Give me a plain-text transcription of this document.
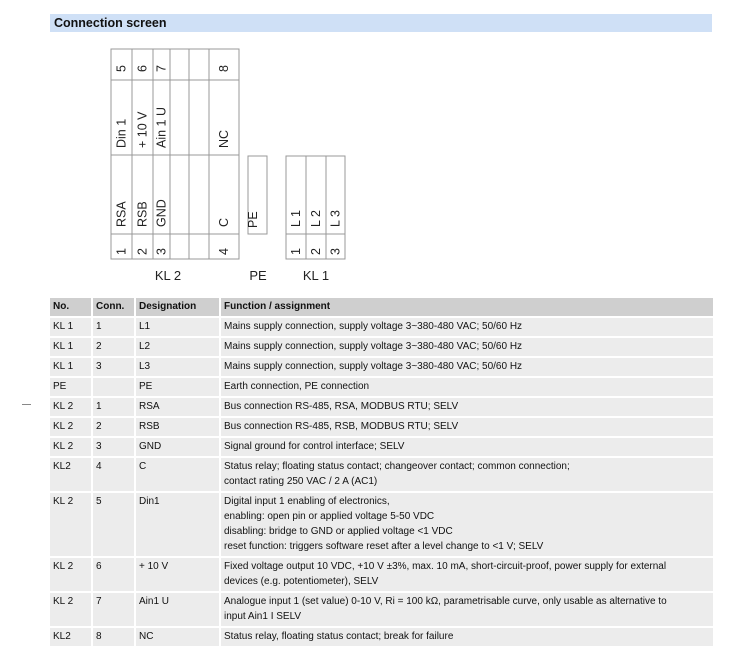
Connection screen
5
Din 1
RSA
1
6
+ 10 V
RSB
2
7
Ain 1 U
GND
3
8
NC
C
4
L 1
1
L 2
2
L 3
3
PE
KL 2	PE	KL 1
No.	Conn.	Designation	Function / assignment
KL 1	1	L1	Mains supply connection, supply voltage 3~380-480 VAC; 50/60 Hz

KL 1	2	L2	Mains supply connection, supply voltage 3~380-480 VAC; 50/60 Hz

KL 1	3	L3	Mains supply connection, supply voltage 3~380-480 VAC; 50/60 Hz

PE		PE	Earth connection, PE connection

KL 2	1	RSA	Bus connection RS-485, RSA, MODBUS RTU; SELV

KL 2	2	RSB	Bus connection RS-485, RSB, MODBUS RTU; SELV

KL 2	3	GND	Signal ground for control interface; SELV

KL2	4	C	Status relay; floating status contact; changeover contact; common connection;
contact rating 250 VAC / 2 A (AC1)

KL 2	5	Din1	Digital input 1 enabling of electronics,
enabling: open pin or applied voltage 5-50 VDC
disabling: bridge to GND or applied voltage <1 VDC
reset function: triggers software reset after a level change to <1 V; SELV

KL 2	6	+ 10 V	Fixed voltage output 10 VDC, +10 V ±3%, max. 10 mA, short-circuit-proof, power supply for external
devices (e.g. potentiometer), SELV

KL 2	7	Ain1 U	Analogue input 1 (set value) 0-10 V, Ri = 100 kΩ, parametrisable curve, only usable as alternative to
input Ain1 I SELV

KL2	8	NC	Status relay, floating status contact; break for failure
